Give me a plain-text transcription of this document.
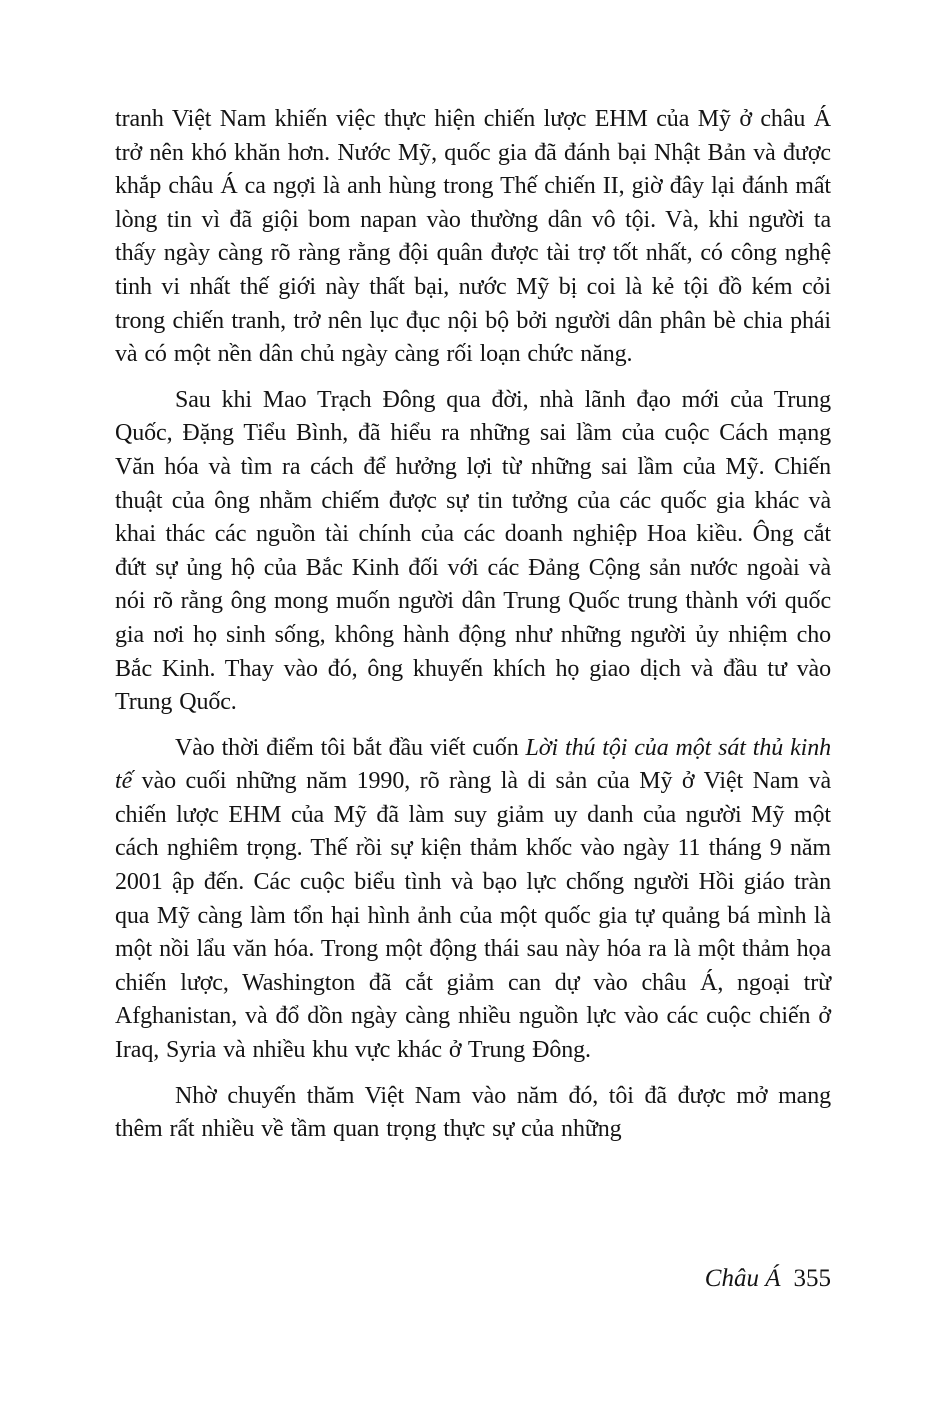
tranh Việt Nam khiến việc thực hiện chiến lược EHM của Mỹ ở châu Á trở nên khó khăn hơn. Nước Mỹ, quốc gia đã đánh bại Nhật Bản và được khắp châu Á ca ngợi là anh hùng trong Thế chiến II, giờ đây lại đánh mất lòng tin vì đã giội bom napan vào thường dân vô tội. Và, khi người ta thấy ngày càng rõ ràng rằng đội quân được tài trợ tốt nhất, có công nghệ tinh vi nhất thế giới này thất bại, nước Mỹ bị coi là kẻ tội đồ kém cỏi trong chiến tranh, trở nên lục đục nội bộ bởi người dân phân bè chia phái và có một nền dân chủ ngày càng rối loạn chức năng.

Sau khi Mao Trạch Đông qua đời, nhà lãnh đạo mới của Trung Quốc, Đặng Tiểu Bình, đã hiểu ra những sai lầm của cuộc Cách mạng Văn hóa và tìm ra cách để hưởng lợi từ những sai lầm của Mỹ. Chiến thuật của ông nhằm chiếm được sự tin tưởng của các quốc gia khác và khai thác các nguồn tài chính của các doanh nghiệp Hoa kiều. Ông cắt đứt sự ủng hộ của Bắc Kinh đối với các Đảng Cộng sản nước ngoài và nói rõ rằng ông mong muốn người dân Trung Quốc trung thành với quốc gia nơi họ sinh sống, không hành động như những người ủy nhiệm cho Bắc Kinh. Thay vào đó, ông khuyến khích họ giao dịch và đầu tư vào Trung Quốc.

Vào thời điểm tôi bắt đầu viết cuốn Lời thú tội của một sát thủ kinh tế vào cuối những năm 1990, rõ ràng là di sản của Mỹ ở Việt Nam và chiến lược EHM của Mỹ đã làm suy giảm uy danh của người Mỹ một cách nghiêm trọng. Thế rồi sự kiện thảm khốc vào ngày 11 tháng 9 năm 2001 ập đến. Các cuộc biểu tình và bạo lực chống người Hồi giáo tràn qua Mỹ càng làm tổn hại hình ảnh của một quốc gia tự quảng bá mình là một nồi lẩu văn hóa. Trong một động thái sau này hóa ra là một thảm họa chiến lược, Washington đã cắt giảm can dự vào châu Á, ngoại trừ Afghanistan, và đổ dồn ngày càng nhiều nguồn lực vào các cuộc chiến ở Iraq, Syria và nhiều khu vực khác ở Trung Đông.

Nhờ chuyến thăm Việt Nam vào năm đó, tôi đã được mở mang thêm rất nhiều về tầm quan trọng thực sự của những

Châu Á 355
